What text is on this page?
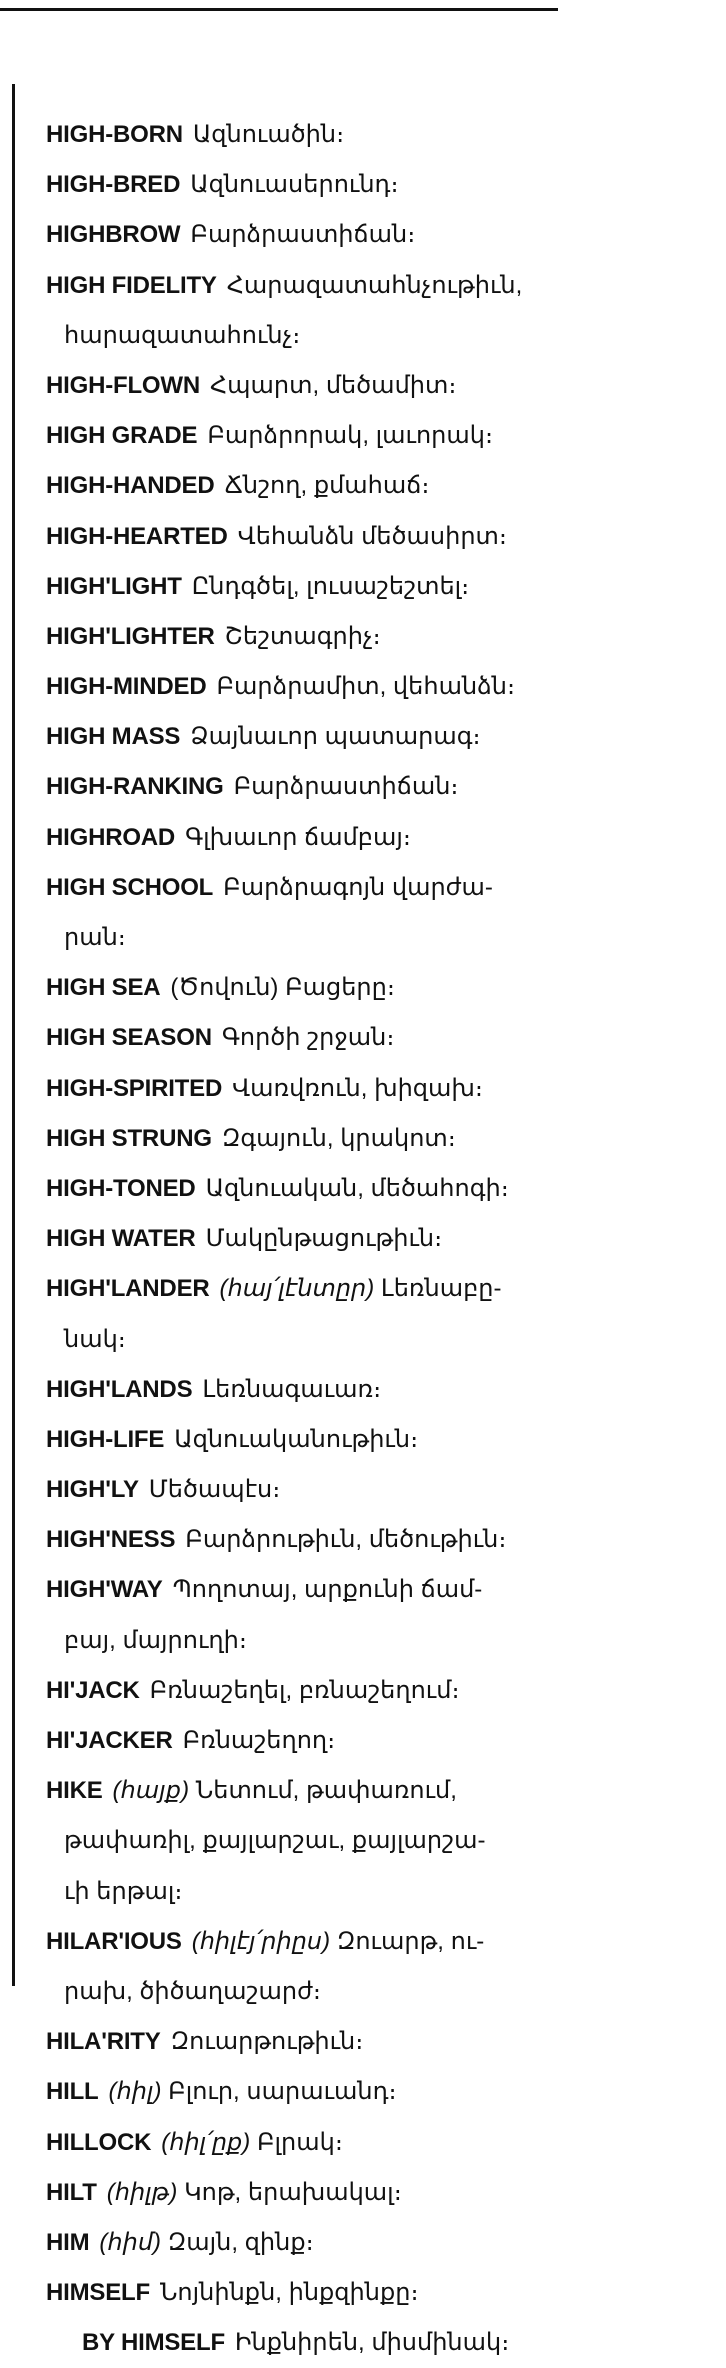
HIGH-BORN Ազնուածին։
HIGH-BRED Ազնուասերունդ։
HIGHBROW Բարձրաստիճան։
HIGH FIDELITY Հարազատահնչութիւն,
հարազատահունչ։
HIGH-FLOWN Հպարտ, մեծամիտ։
HIGH GRADE Բարձրորակ, լաւորակ։
HIGH-HANDED Ճնշող, քմահաճ։
HIGH-HEARTED Վեհանձն մեծասիրտ։
HIGH'LIGHT Ընդգծել, լուսաշեշտել։
HIGH'LIGHTER Շեշտագրիչ։
HIGH-MINDED Բարձրամիտ, վեհանձն։
HIGH MASS Ձայնաւոր պատարագ։
HIGH-RANKING Բարձրաստիճան։
HIGHROAD Գլխաւոր ճամբայ։
HIGH SCHOOL Բարձրագոյն վարժա-
րան։
HIGH SEA (Ծովուն) Բացերը։
HIGH SEASON Գործի շրջան։
HIGH-SPIRITED Վառվռուն, խիզախ։
HIGH STRUNG Զգայուն, կրակոտ։
HIGH-TONED Ազնուական, մեծահոգի։
HIGH WATER Մակընթացութիւն։
HIGH'LANDER (հայ՛լէնտըր) Լեռնաբը-
նակ։
HIGH'LANDS Լեռնագաւառ։
HIGH-LIFE Ազնուականութիւն։
HIGH'LY Մեծապէս։
HIGH'NESS Բարձրութիւն, մեծութիւն։
HIGH'WAY Պողոտայ, արքունի ճամ-
բայ, մայրուղի։
HI'JACK Բռնաշեղել, բռնաշեղում։
HI'JACKER Բռնաշեղող։
HIKE (հայք) Նետում, թափառում,
թափառիլ, քայլարշաւ, քայլարշա-
ւի երթալ։
HILAR'IOUS (հիլէյ՛րիըս) Զուարթ, ու-
րախ, ծիծաղաշարժ։
HILA'RITY Զուարթութիւն։
HILL (հիլ) Բլուր, սարաւանդ։
HILLOCK (հիլ՛ըք) Բլրակ։
HILT (հիլթ) Կոթ, երախակալ։
HIM (հիմ) Զայն, զինք։
HIMSELF Նոյնինքն, ինքզինքը։
BY HIMSELF Ինքնիրեն, միսմինակ։
